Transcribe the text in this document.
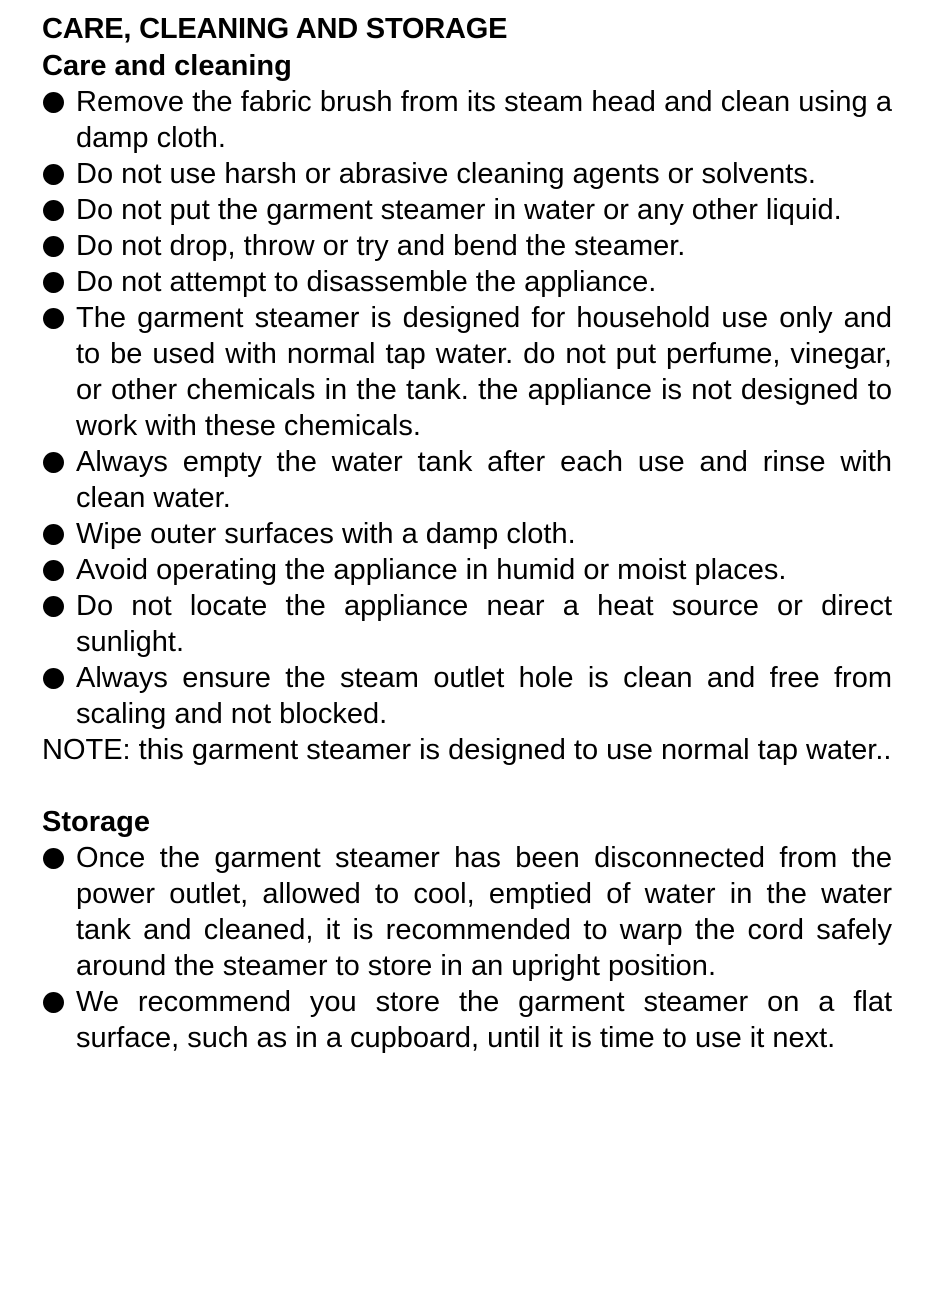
CARE, CLEANING AND STORAGE
Care and cleaning
Remove the fabric brush from its steam head and clean using a damp cloth.
Do not use harsh or abrasive cleaning agents or solvents.
Do not put the garment steamer in water or any other liquid.
Do not drop, throw or try and bend the steamer.
Do not attempt to disassemble the appliance.
The garment steamer is designed for household use only and to be used with normal tap water. do not put perfume, vinegar, or other chemicals in the tank. the appliance is not designed to work with these chemicals.
Always empty the water tank after each use and rinse with clean water.
Wipe outer surfaces with a damp cloth.
Avoid operating the appliance in humid or moist places.
Do not locate the appliance near a heat source or direct sunlight.
Always ensure the steam outlet hole is clean and free from scaling and not blocked.

NOTE: this garment steamer is designed to use normal tap water..

Storage
Once the garment steamer has been disconnected from the power outlet, allowed to cool, emptied of water in the water tank and cleaned, it is recommended to warp the cord safely around the steamer to store in an upright position.
We recommend you store the garment steamer on a flat surface, such as in a cupboard, until it is time to use it next.
